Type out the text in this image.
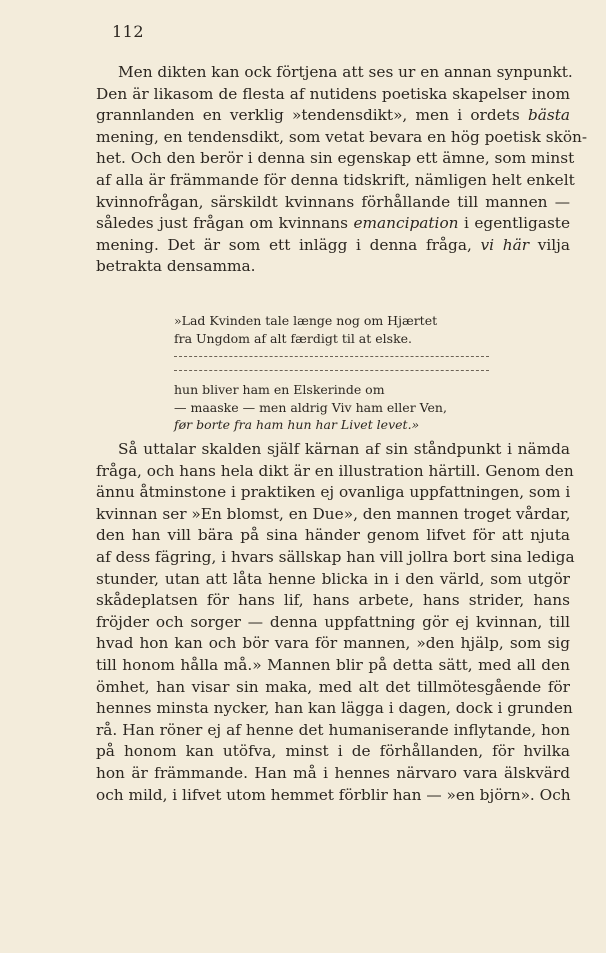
112
Men dikten kan ock förtjena att ses ur en annan synpunkt.
Den är likasom de flesta af nutidens poetiska skapelser inom
grannlanden en verklig »tendensdikt», men i ordets bästa
mening, en tendensdikt, som vetat bevara en hög poetisk skön-
het. Och den berör i denna sin egenskap ett ämne, som minst
af alla är främmande för denna tidskrift, nämligen helt enkelt
kvinnofrågan, särskildt kvinnans förhållande till mannen —
således just frågan om kvinnans emancipation i egentligaste
mening. Det är som ett inlägg i denna fråga, vi här vilja
betrakta densamma.
»Lad Kvinden tale længe nog om Hjærtet
fra Ungdom af alt færdigt til at elske.
hun bliver ham en Elskerinde om
— maaske — men aldrig Viv ham eller Ven,
før borte fra ham hun har Livet levet.»
Så uttalar skalden själf kärnan af sin ståndpunkt i nämda
fråga, och hans hela dikt är en illustration härtill. Genom den
ännu åtminstone i praktiken ej ovanliga uppfattningen, som i
kvinnan ser »En blomst, en Due», den mannen troget vårdar,
den han vill bära på sina händer genom lifvet för att njuta
af dess fägring, i hvars sällskap han vill jollra bort sina lediga
stunder, utan att låta henne blicka in i den värld, som utgör
skådeplatsen för hans lif, hans arbete, hans strider, hans
fröjder och sorger — denna uppfattning gör ej kvinnan, till
hvad hon kan och bör vara för mannen, »den hjälp, som sig
till honom hålla må.» Mannen blir på detta sätt, med all den
ömhet, han visar sin maka, med alt det tillmötesgående för
hennes minsta nycker, han kan lägga i dagen, dock i grunden
rå. Han röner ej af henne det humaniserande inflytande, hon
på honom kan utöfva, minst i de förhållanden, för hvilka
hon är främmande. Han må i hennes närvaro vara älskvärd
och mild, i lifvet utom hemmet förblir han — »en björn». Och
